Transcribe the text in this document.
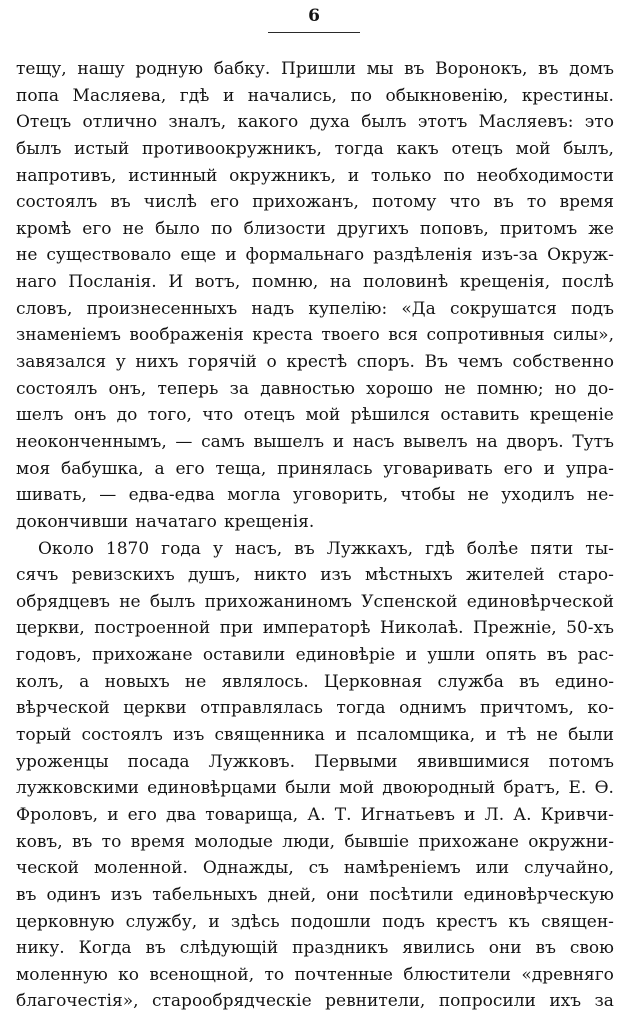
6
тещу, нашу родную бабку. Пришли мы въ Воронокъ, въ домъ
попа Масляева, гдѣ и начались, по обыкновенію, крестины.
Отецъ отлично зналъ, какого духа былъ этотъ Масляевъ: это
былъ истый противоокружникъ, тогда какъ отецъ мой былъ,
напротивъ, истинный окружникъ, и только по необходимости
состоялъ въ числѣ его прихожанъ, потому что въ то время
кромѣ его не было по близости другихъ поповъ, притомъ же
не существовало еще и формальнаго раздѣленія изъ-за Окруж-
наго Посланія. И вотъ, помню, на половинѣ крещенія, послѣ
словъ, произнесенныхъ надъ купелію: «Да сокрушатся подъ
знаменіемъ воображенія креста твоего вся сопротивныя силы»,
завязался у нихъ горячій о крестѣ споръ. Въ чемъ собственно
состоялъ онъ, теперь за давностью хорошо не помню; но до-
шелъ онъ до того, что отецъ мой рѣшился оставить крещеніе
неоконченнымъ, — самъ вышелъ и насъ вывелъ на дворъ. Тутъ
моя бабушка, а его теща, принялась уговаривать его и упра-
шивать, — едва-едва могла уговорить, чтобы не уходилъ не-
докончивши начатаго крещенія.
Около 1870 года у насъ, въ Лужкахъ, гдѣ болѣе пяти ты-
сячъ ревизскихъ душъ, никто изъ мѣстныхъ жителей старо-
обрядцевъ не былъ прихожаниномъ Успенской единовѣрческой
церкви, построенной при императорѣ Николаѣ. Прежніе, 50-хъ
годовъ, прихожане оставили единовѣріе и ушли опять въ рас-
колъ, а новыхъ не являлось. Церковная служба въ едино-
вѣрческой церкви отправлялась тогда однимъ причтомъ, ко-
торый состоялъ изъ священника и псаломщика, и тѣ не были
уроженцы посада Лужковъ. Первыми явившимися потомъ
лужковскими единовѣрцами были мой двоюродный братъ, Е. Ѳ.
Фроловъ, и его два товарища, А. Т. Игнатьевъ и Л. А. Кривчи-
ковъ, въ то время молодые люди, бывшіе прихожане окружни-
ческой моленной. Однажды, съ намѣреніемъ или случайно,
въ одинъ изъ табельныхъ дней, они посѣтили единовѣрческую
церковную службу, и здѣсь подошли подъ крестъ къ священ-
нику. Когда въ слѣдующій праздникъ явились они въ свою
моленную ко всенощной, то почтенные блюстители «древняго
благочестія», старообрядческіе ревнители, попросили ихъ за
